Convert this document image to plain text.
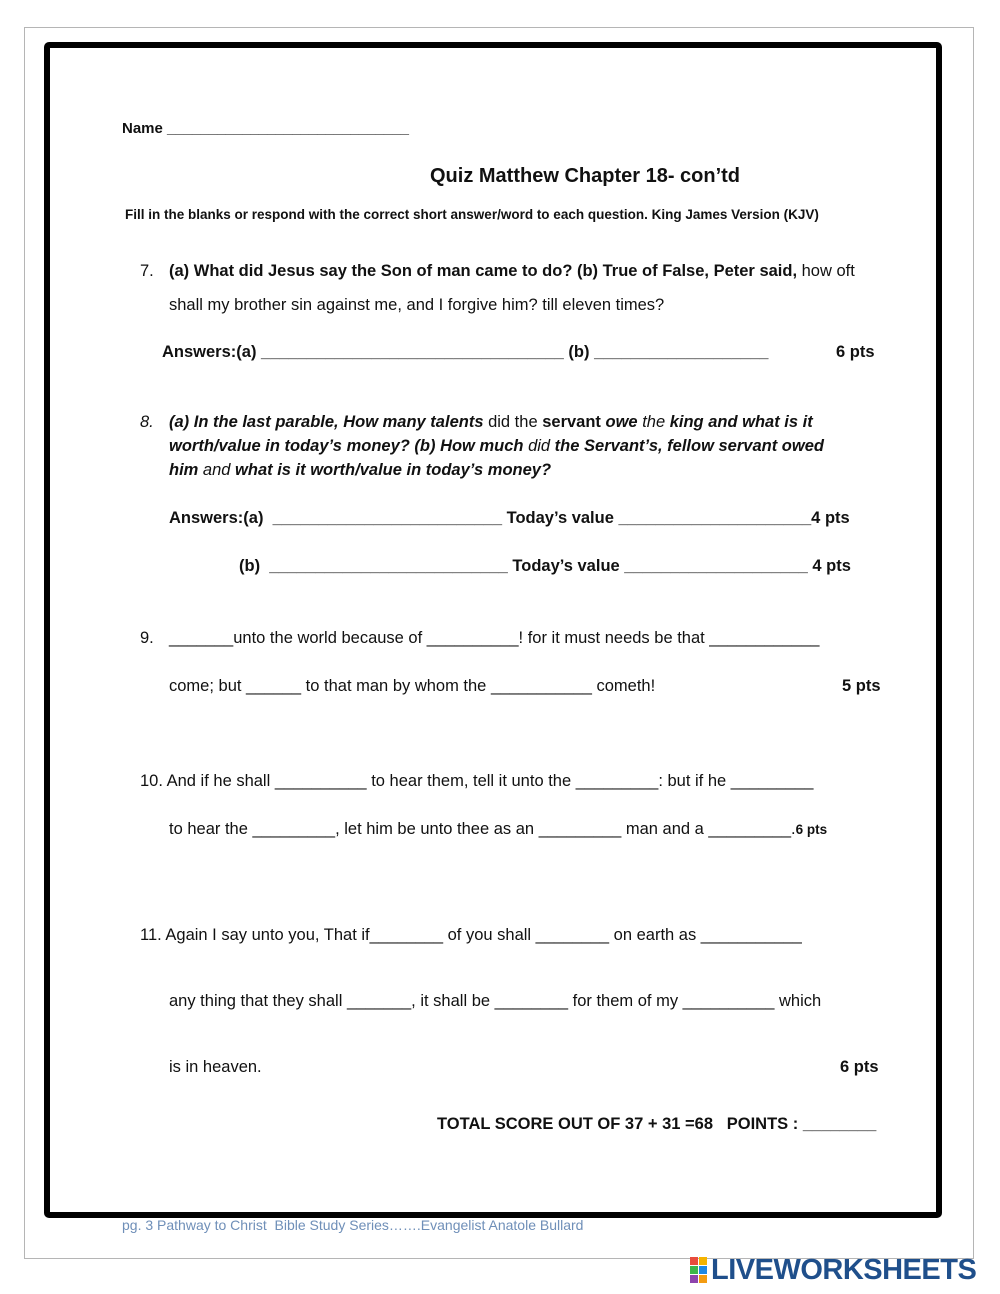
Name _____________________________
Quiz Matthew Chapter 18- con’td
Fill in the blanks or respond with the correct short answer/word to each question. King James Version (KJV)
7. (a) What did Jesus say the Son of man came to do? (b) True of False, Peter said, how oft
shall my brother sin against me, and I forgive him? till eleven times?
Answers:(a) _________________________________ (b) ___________________	6 pts
8. (a) In the last parable, How many talents did the servant owe the king and what is it
worth/value in today’s money? (b) How much did the Servant’s, fellow servant owed
him and what is it worth/value in today’s money?
Answers:(a)  _________________________ Today’s value _____________________4 pts
(b)  __________________________ Today’s value ____________________ 4 pts
9. _______unto the world because of __________! for it must needs be that ____________
come; but ______ to that man by whom the ___________ cometh!	5 pts
10. And if he shall __________ to hear them, tell it unto the _________: but if he _________
to hear the _________, let him be unto thee as an _________ man and a _________.6 pts
11. Again I say unto you, That if________ of you shall ________ on earth as ___________
any thing that they shall _______, it shall be ________ for them of my __________ which
is in heaven.	6 pts
TOTAL SCORE OUT OF 37 + 31 =68   POINTS : ________
pg. 3 Pathway to Christ  Bible Study Series…….Evangelist Anatole Bullard
LIVEWORKSHEETS
